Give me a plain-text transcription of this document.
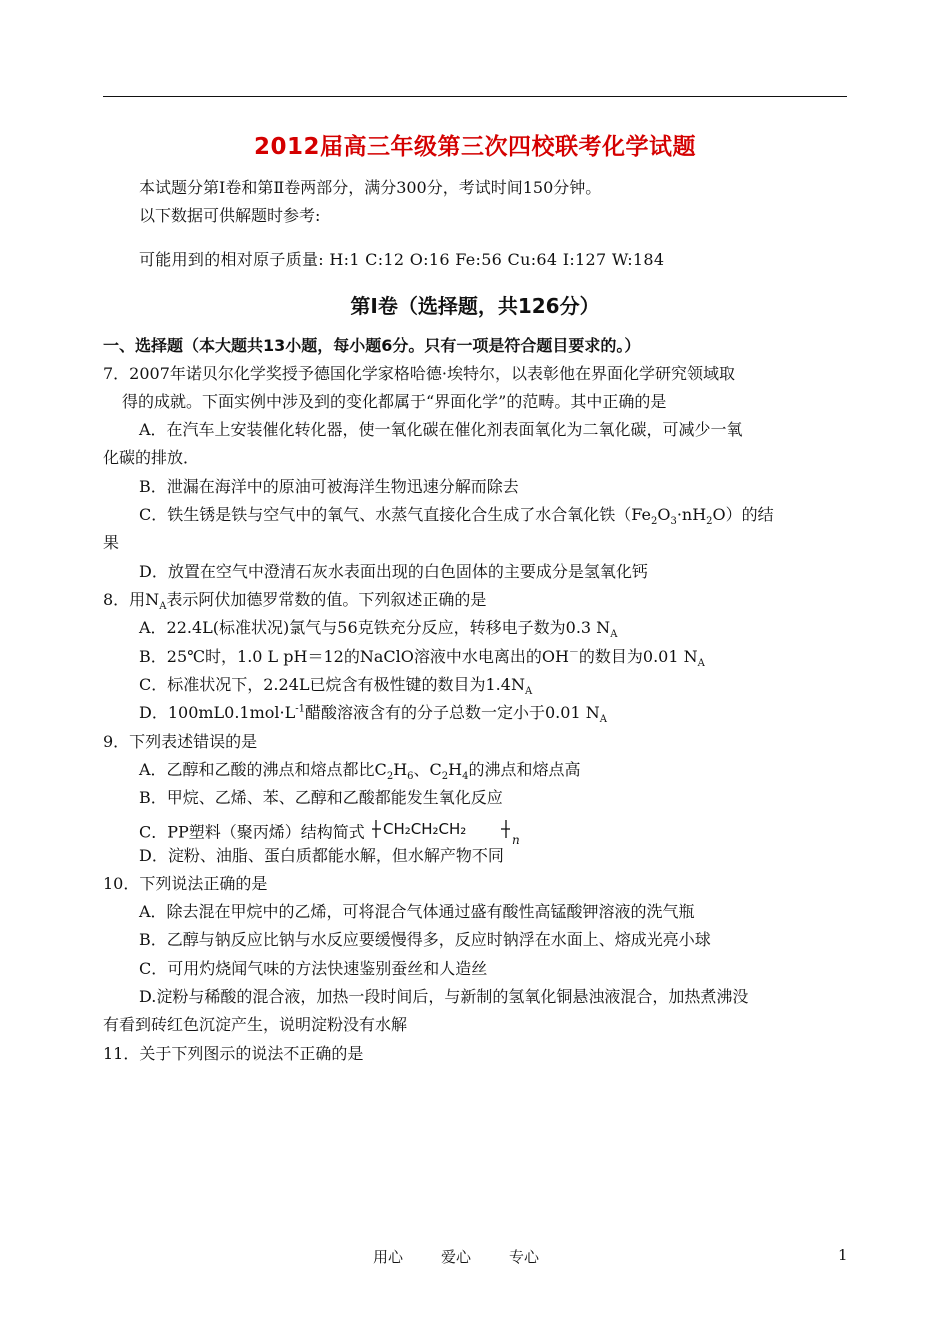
2012届高三年级第三次四校联考化学试题
本试题分第Ⅰ卷和第Ⅱ卷两部分，满分300分，考试时间150分钟。
以下数据可供解题时参考:
可能用到的相对原子质量: H:1 C:12 O:16 Fe:56 Cu:64 I:127 W:184
第Ⅰ卷（选择题，共126分）
一、选择题（本大题共13小题，每小题6分。只有一项是符合题目要求的。）
7．2007年诺贝尔化学奖授予德国化学家格哈德·埃特尔，以表彰他在界面化学研究领域取
得的成就。下面实例中涉及到的变化都属于“界面化学”的范畴。其中正确的是
A．在汽车上安装催化转化器，使一氧化碳在催化剂表面氧化为二氧化碳，可减少一氧
化碳的排放．
B．泄漏在海洋中的原油可被海洋生物迅速分解而除去
C．铁生锈是铁与空气中的氧气、水蒸气直接化合生成了水合氧化铁$(Fe_2O_3\cdot nH_2O)$的结
果
D．放置在空气中澄清石灰水表面出现的白色固体的主要成分是氢氧化钙
8．用$N_A$表示阿伏加德罗常数的值。下列叙述正确的是
A．22.4L(标准状况)氯气与56克铁充分反应，转移电子数为0.3 $N_A$
B．25℃时，1.0 L pH＝12的NaClO溶液中水电离出的OH－的数目为0.01 $N_A$
C．标准状况下，2.24L已烷含有极性键的数目为$1.4N_A$
D．$100mL0.1mol\cdot L^{-1}$醋酸溶液含有的分子总数一定小于0.01 $N_A$
9．下列表述错误的是
A．乙醇和乙酸的沸点和熔点都比$C_2H_6$、$C_2H_4$的沸点和熔点高
B．甲烷、乙烯、苯、乙醇和乙酸都能发生氧化反应
C．PP塑料（聚丙烯）结构简式 CH₂CH₂CH₂
n
D．淀粉、油脂、蛋白质都能水解，但水解产物不同
10．下列说法正确的是
A．除去混在甲烷中的乙烯，可将混合气体通过盛有酸性高锰酸钾溶液的洗气瓶
B．乙醇与钠反应比钠与水反应要缓慢得多，反应时钠浮在水面上、熔成光亮小球
C．可用灼烧闻气味的方法快速鉴别蚕丝和人造丝
D.淀粉与稀酸的混合液，加热一段时间后，与新制的氢氧化铜悬浊液混合，加热煮沸没
有看到砖红色沉淀产生，说明淀粉没有水解
11．关于下列图示的说法不正确的是
用心	爱心	专心	1
